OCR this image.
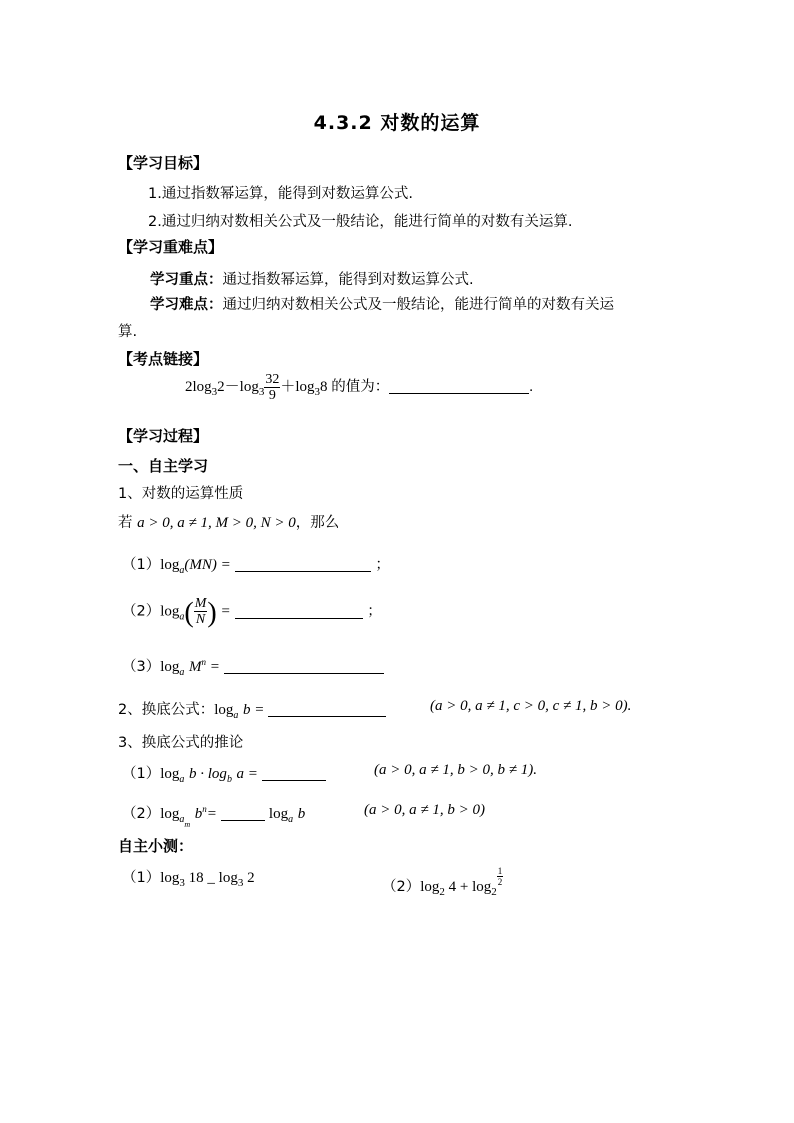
4.3.2 对数的运算
【学习目标】
1.通过指数幂运算，能得到对数运算公式.
2.通过归纳对数相关公式及一般结论，能进行简单的对数有关运算.
【学习重难点】
学习重点：通过指数幂运算，能得到对数运算公式.
学习难点：通过归纳对数相关公式及一般结论，能进行简单的对数有关运
算.
【考点链接】
$2\log_32-\log_3 \frac{32}{9} +\log_38$ 的值为：	.
【学习过程】
一、自主学习
1、对数的运算性质
若 a > 0, a ≠ 1, M > 0, N > 0，那么
$(1)\log_a(MN)$ =	；
$(2)\log_a( \frac{M}{N}$ ) =	；
$(3)\log_a$ $M^n$ =
2、换底公式：$\log_a b$ =	(a > 0, a ≠ 1, c > 0, c ≠ 1, b > 0).
3、换底公式的推论
$(1)\log_a$ $b \cdot \log_b a$ =	(a > 0, a ≠ 1, b > 0, b ≠ 1).
$(2)\log_{am}$ $b^n=$	$\log_a b$	(a > 0, a ≠ 1, b > 0)
自主小测：
$(1)\log_3$ 18 _ $\log_3 2$
$(2)\log_2$ $4 + \log_2$
$\frac{1}{2}$
